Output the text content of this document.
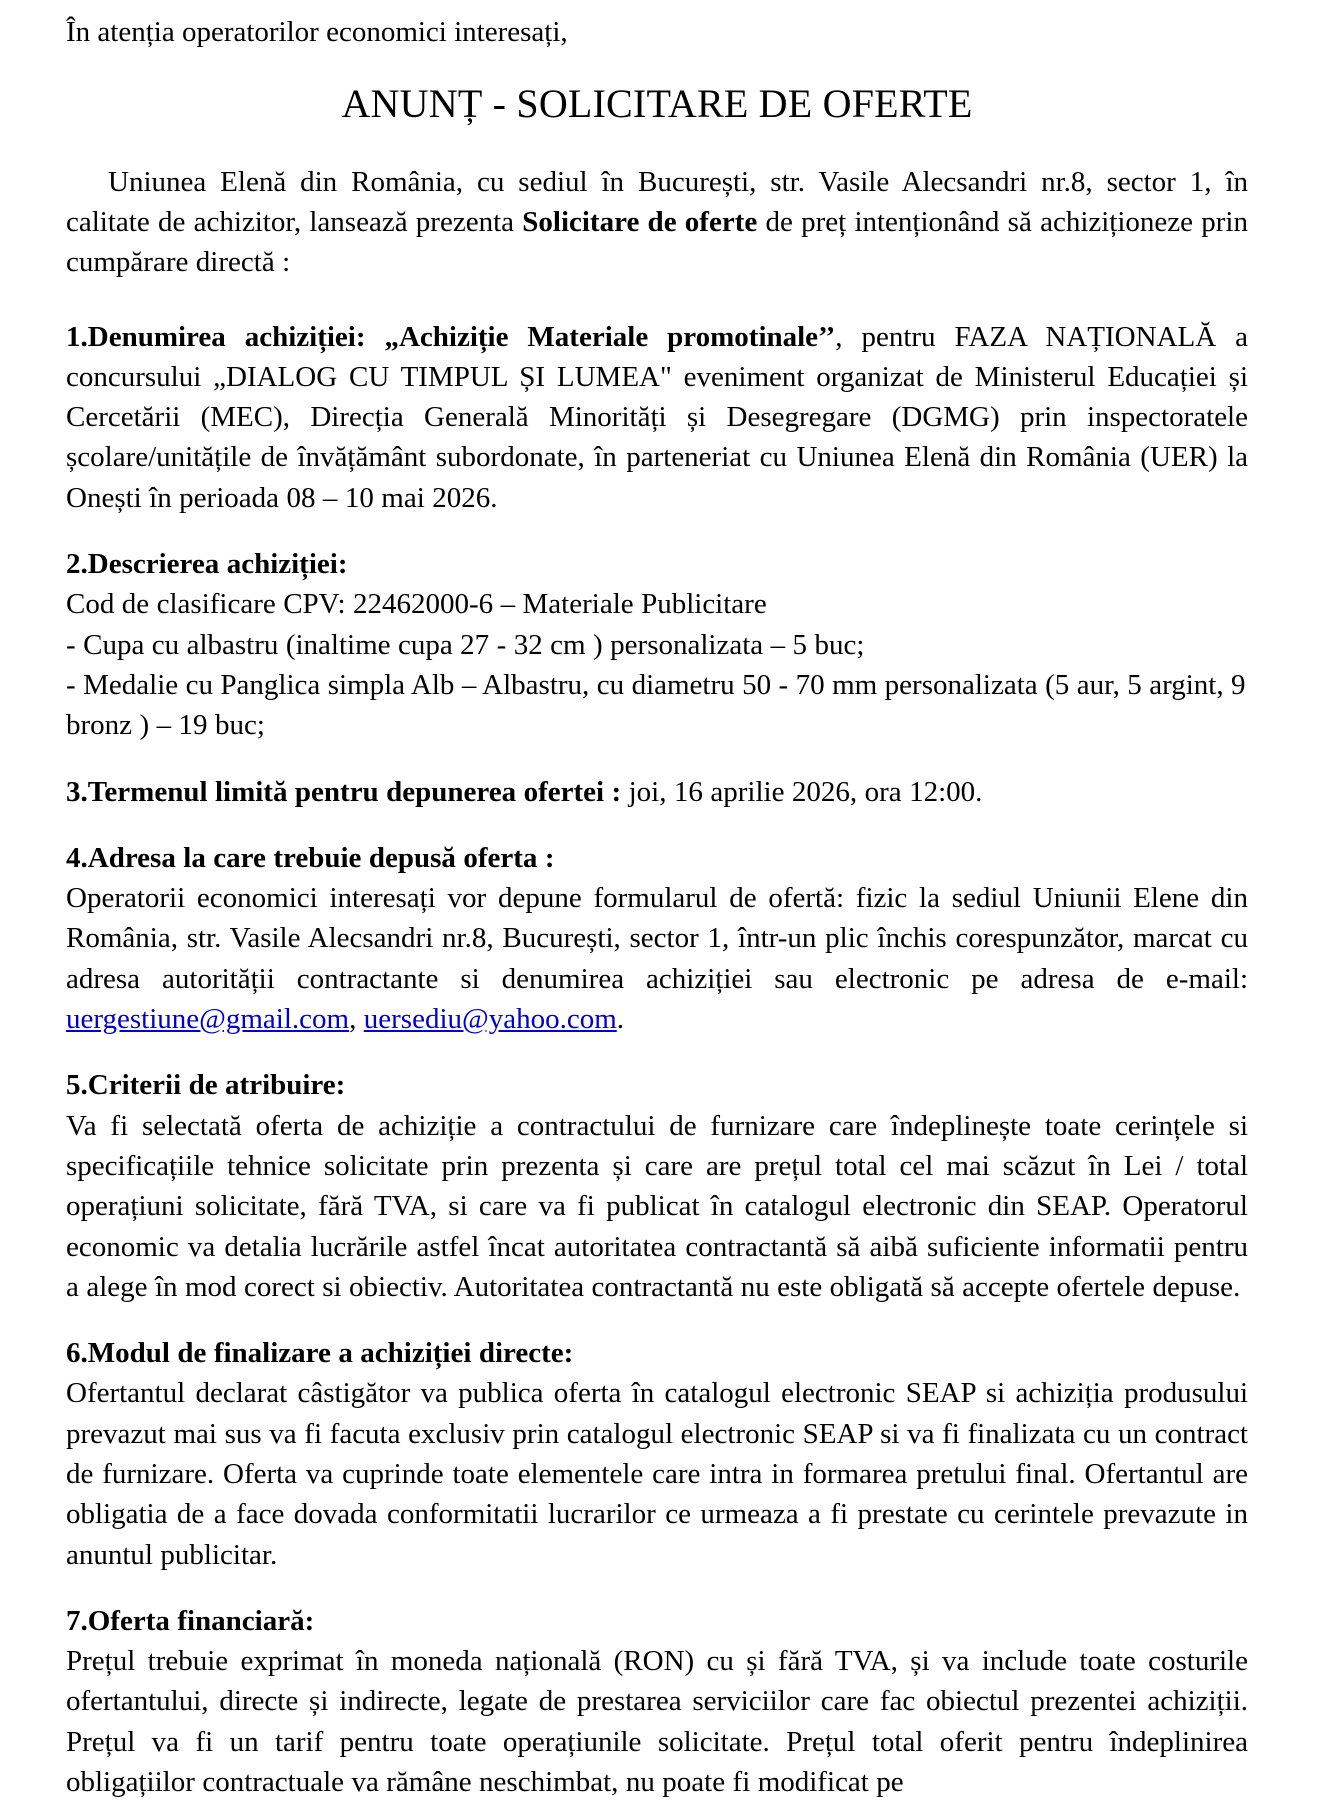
În atenția operatorilor economici interesați,

ANUNȚ - SOLICITARE DE OFERTE

Uniunea Elenă din România, cu sediul în București, str. Vasile Alecsandri nr.8, sector 1, în calitate de achizitor, lansează prezenta Solicitare de oferte de preț intenționând să achiziționeze prin cumpărare directă :

1.Denumirea achiziției: „Achiziție Materiale promotinale’’, pentru FAZA NAȚIONALĂ a concursului „DIALOG CU TIMPUL ȘI LUMEA" eveniment organizat de Ministerul Educației și Cercetării (MEC), Direcția Generală Minorități și Desegregare (DGMG) prin inspectoratele școlare/unitățile de învățământ subordonate, în parteneriat cu Uniunea Elenă din România (UER) la Onești în perioada 08 – 10 mai 2026.

2.Descrierea achiziției:

Cod de clasificare CPV: 22462000-6 – Materiale Publicitare

- Cupa cu albastru (inaltime cupa 27 - 32 cm ) personalizata – 5 buc;

- Medalie cu Panglica simpla Alb – Albastru, cu diametru 50 - 70 mm personalizata (5 aur, 5 argint, 9 bronz ) – 19 buc;

3.Termenul limită pentru depunerea ofertei : joi, 16 aprilie 2026, ora 12:00.

4.Adresa la care trebuie depusă oferta :

Operatorii economici interesați vor depune formularul de ofertă: fizic la sediul Uniunii Elene din România, str. Vasile Alecsandri nr.8, București, sector 1, într-un plic închis corespunzător, marcat cu adresa autorității contractante si denumirea achiziției sau electronic pe adresa de e-mail: uergestiune@gmail.com, uersediu@yahoo.com.

5.Criterii de atribuire:

Va fi selectată oferta de achiziție a contractului de furnizare care îndeplinește toate cerințele si specificațiile tehnice solicitate prin prezenta și care are prețul total cel mai scăzut în Lei / total operațiuni solicitate, fără TVA, si care va fi publicat în catalogul electronic din SEAP. Operatorul economic va detalia lucrările astfel încat autoritatea contractantă să aibă suficiente informatii pentru a alege în mod corect si obiectiv. Autoritatea contractantă nu este obligată să accepte ofertele depuse.

6.Modul de finalizare a achiziției directe:

Ofertantul declarat câstigător va publica oferta în catalogul electronic SEAP si achiziția produsului prevazut mai sus va fi facuta exclusiv prin catalogul electronic SEAP si va fi finalizata cu un contract de furnizare. Oferta va cuprinde toate elementele care intra in formarea pretului final. Ofertantul are obligatia de a face dovada conformitatii lucrarilor ce urmeaza a fi prestate cu cerintele prevazute in anuntul publicitar.

7.Oferta financiară:

Prețul trebuie exprimat în moneda națională (RON) cu și fără TVA, și va include toate costurile ofertantului, directe și indirecte, legate de prestarea serviciilor care fac obiectul prezentei achiziții. Prețul va fi un tarif pentru toate operațiunile solicitate. Prețul total oferit pentru îndeplinirea obligațiilor contractuale va rămâne neschimbat, nu poate fi modificat pe
